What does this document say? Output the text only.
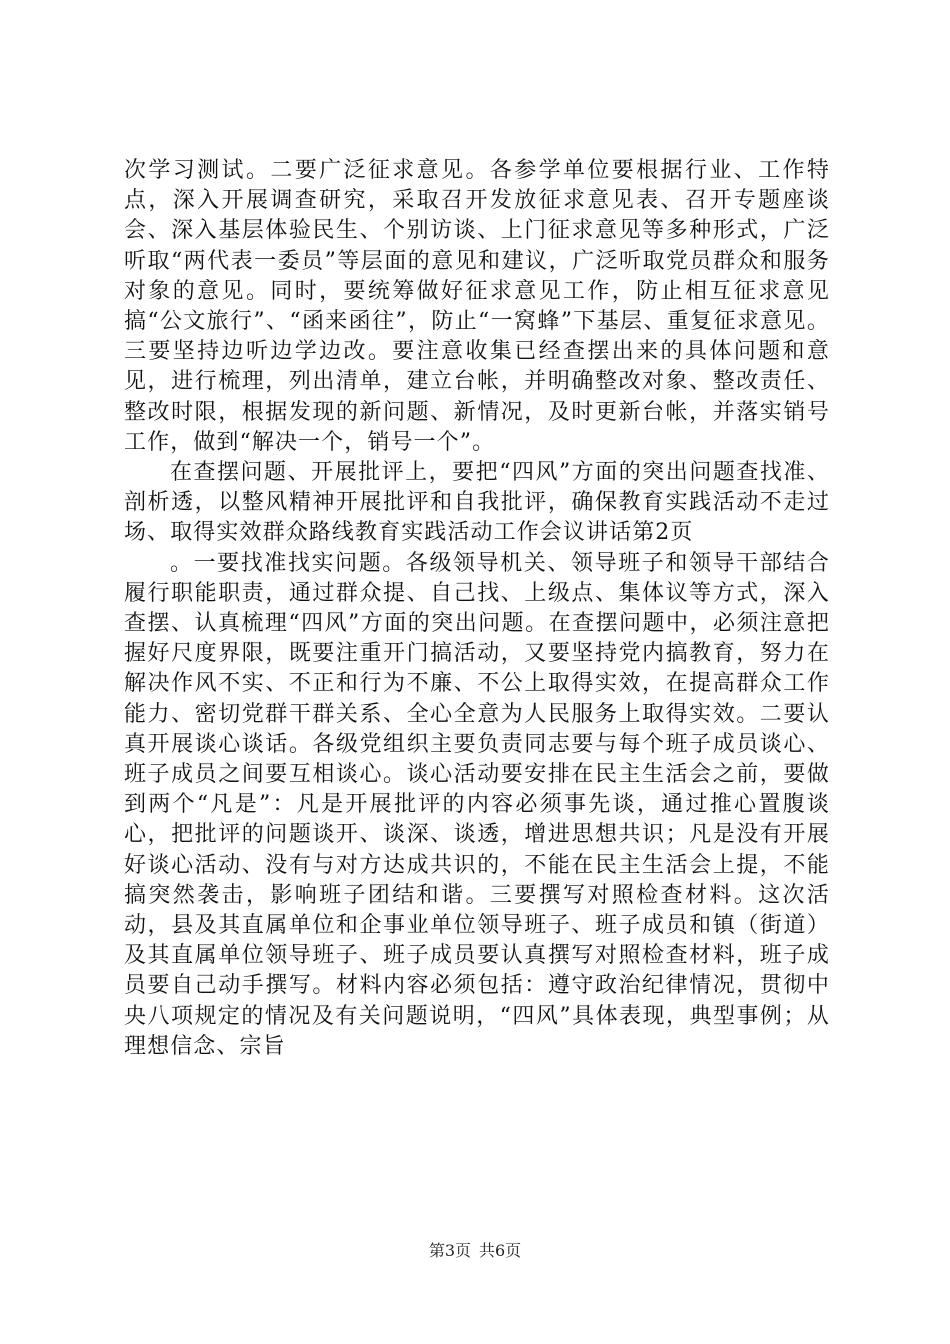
次学习测试。二要广泛征求意见。各参学单位要根据行业、工作特点，深入开展调查研究，采取召开发放征求意见表、召开专题座谈会、深入基层体验民生、个别访谈、上门征求意见等多种形式，广泛听取“两代表一委员”等层面的意见和建议，广泛听取党员群众和服务对象的意见。同时，要统筹做好征求意见工作，防止相互征求意见搞“公文旅行”、“函来函往”，防止“一窝蜂”下基层、重复征求意见。三要坚持边听边学边改。要注意收集已经查摆出来的具体问题和意见，进行梳理，列出清单，建立台帐，并明确整改对象、整改责任、整改时限，根据发现的新问题、新情况，及时更新台帐，并落实销号工作，做到“解决一个，销号一个”。

在查摆问题、开展批评上，要把“四风”方面的突出问题查找准、剖析透，以整风精神开展批评和自我批评，确保教育实践活动不走过场、取得实效群众路线教育实践活动工作会议讲话第2页

。一要找准找实问题。各级领导机关、领导班子和领导干部结合履行职能职责，通过群众提、自己找、上级点、集体议等方式，深入查摆、认真梳理“四风”方面的突出问题。在查摆问题中，必须注意把握好尺度界限，既要注重开门搞活动，又要坚持党内搞教育，努力在解决作风不实、不正和行为不廉、不公上取得实效，在提高群众工作能力、密切党群干群关系、全心全意为人民服务上取得实效。二要认真开展谈心谈话。各级党组织主要负责同志要与每个班子成员谈心、班子成员之间要互相谈心。谈心活动要安排在民主生活会之前，要做到两个“凡是”：凡是开展批评的内容必须事先谈，通过推心置腹谈心，把批评的问题谈开、谈深、谈透，增进思想共识；凡是没有开展好谈心活动、没有与对方达成共识的，不能在民主生活会上提，不能搞突然袭击，影响班子团结和谐。三要撰写对照检查材料。这次活动，县及其直属单位和企事业单位领导班子、班子成员和镇（街道）及其直属单位领导班子、班子成员要认真撰写对照检查材料，班子成员要自己动手撰写。材料内容必须包括：遵守政治纪律情况，贯彻中央八项规定的情况及有关问题说明，“四风”具体表现，典型事例；从理想信念、宗旨

第3页 共6页
